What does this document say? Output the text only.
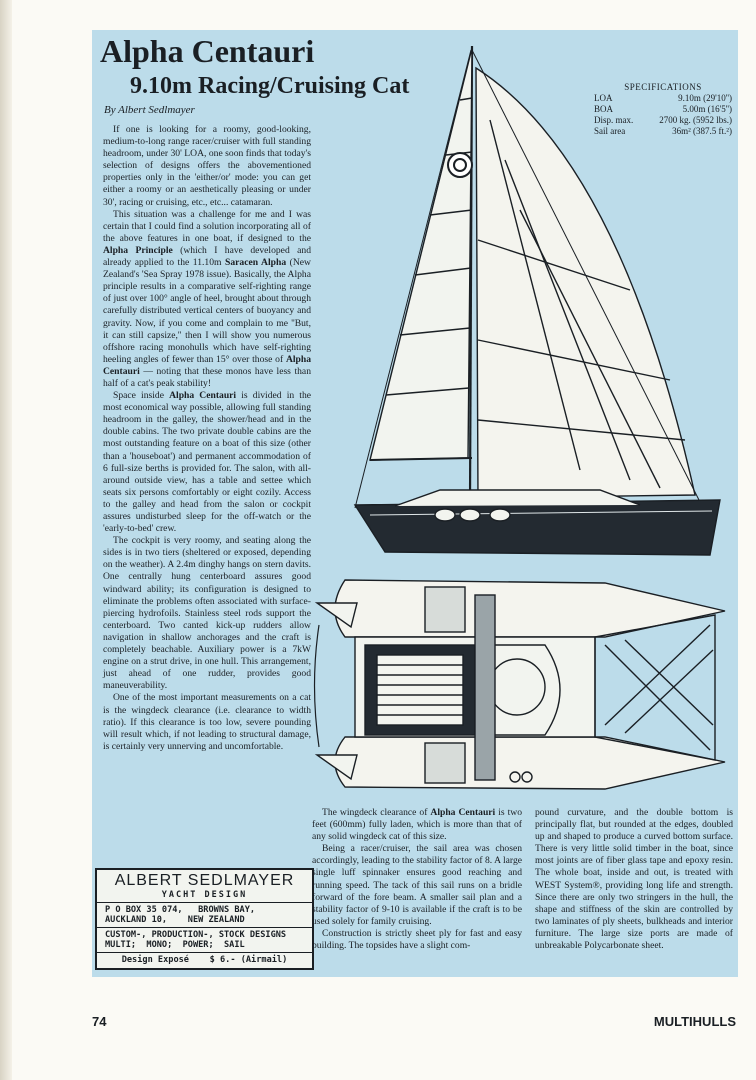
Alpha Centauri
9.10m Racing/Cruising Cat
By Albert Sedlmayer

If one is looking for a roomy, good-looking, medium-to-long range racer/cruiser with full standing headroom, under 30' LOA, one soon finds that today's selection of designs offers the abovementioned properties only in the 'either/or' mode: you can get either a roomy or an aesthetically pleasing or under 30', racing or cruising, etc., etc... catamaran.

This situation was a challenge for me and I was certain that I could find a solution incorporating all of the above features in one boat, if designed to the Alpha Principle (which I have developed and already applied to the 11.10m Saracen Alpha (New Zealand's 'Sea Spray 1978 issue). Basically, the Alpha principle results in a comparative self-righting range of just over 100° angle of heel, brought about through carefully distributed vertical centers of buoyancy and gravity. Now, if you come and complain to me ''But, it can still capsize,'' then I will show you numerous offshore racing monohulls which have self-righting heeling angles of fewer than 15° over those of Alpha Centauri — noting that these monos have less than half of a cat's peak stability!

Space inside Alpha Centauri is divided in the most economical way possible, allowing full standing headroom in the galley, the shower/head and in the double cabins. The two private double cabins are the most outstanding feature on a boat of this size (other than a 'houseboat') and permanent accommodation of 6 full-size berths is provided for. The salon, with all-around outside view, has a table and settee which seats six persons comfortably or eight cozily. Access to the galley and head from the salon or cockpit assures undisturbed sleep for the off-watch or the 'early-to-bed' crew.

The cockpit is very roomy, and seating along the sides is in two tiers (sheltered or exposed, depending on the weather). A 2.4m dinghy hangs on stern davits. One centrally hung centerboard assures good windward ability; its configuration is designed to eliminate the problems often associated with surface-piercing hydrofoils. Stainless steel rods support the centerboard. Two canted kick-up rudders allow navigation in shallow anchorages and the craft is completely beachable. Auxiliary power is a 7kW engine on a strut drive, in one hull. This arrangement, just ahead of one rudder, provides good maneuverability.

One of the most important measurements on a cat is the wingdeck clearance (i.e. clearance to width ratio). If this clearance is too low, severe pounding will result which, if not leading to structural damage, is certainly very unnerving and uncomfortable.

SPECIFICATIONS
LOA	9.10m (29'10'')
BOA	5.00m (16'5'')
Disp. max.	2700 kg. (5952 lbs.)
Sail area	36m² (387.5 ft.²)
ALBERT SEDLMAYER
YACHT DESIGN
P O BOX 35 074,   BROWNS BAY,
AUCKLAND 10,    NEW ZEALAND
CUSTOM-, PRODUCTION-, STOCK DESIGNS
MULTI;  MONO;  POWER;  SAIL
Design Exposé    $ 6.- (Airmail)

The wingdeck clearance of Alpha Centauri is two feet (600mm) fully laden, which is more than that of any solid wingdeck cat of this size.

Being a racer/cruiser, the sail area was chosen accordingly, leading to the stability factor of 8. A large single luff spinnaker ensures good reaching and running speed. The tack of this sail runs on a bridle forward of the fore beam. A smaller sail plan and a stability factor of 9-10 is available if the craft is to be used solely for family cruising.

Construction is strictly sheet ply for fast and easy building. The topsides have a slight com-

pound curvature, and the double bottom is principally flat, but rounded at the edges, doubled up and shaped to produce a curved bottom surface. There is very little solid timber in the boat, since most joints are of fiber glass tape and epoxy resin. The whole boat, inside and out, is treated with WEST System®, providing long life and strength. Since there are only two stringers in the hull, the shape and stiffness of the skin are controlled by two laminates of ply sheets, bulkheads and interior furniture. The large size ports are made of unbreakable Polycarbonate sheet.

74	MULTIHULLS
